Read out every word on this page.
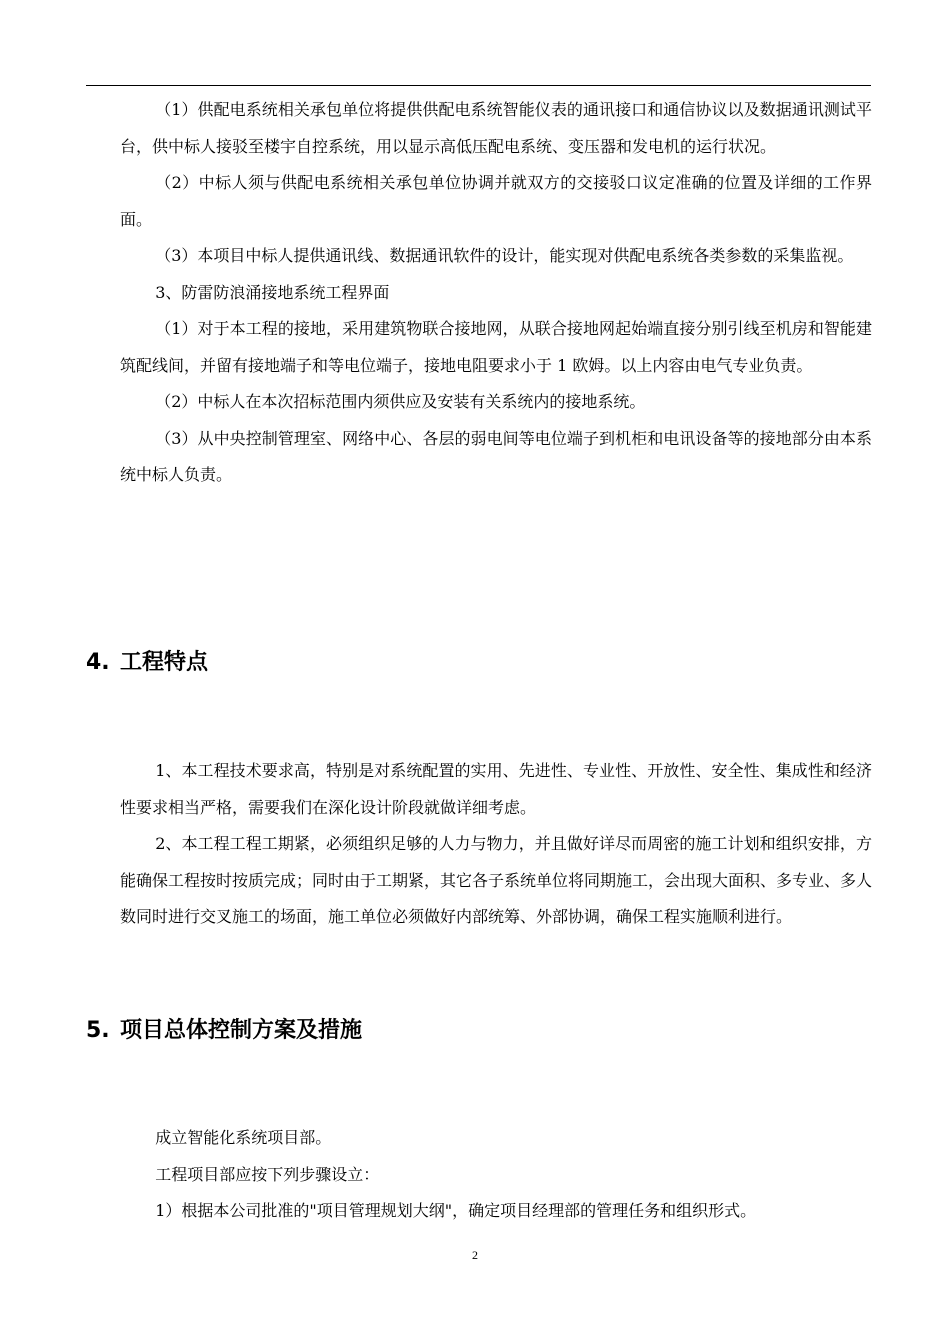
（1）供配电系统相关承包单位将提供供配电系统智能仪表的通讯接口和通信协议以及数据通讯测试平台，供中标人接驳至楼宇自控系统，用以显示高低压配电系统、变压器和发电机的运行状况。

（2）中标人须与供配电系统相关承包单位协调并就双方的交接驳口议定准确的位置及详细的工作界面。

（3）本项目中标人提供通讯线、数据通讯软件的设计，能实现对供配电系统各类参数的采集监视。

3、防雷防浪涌接地系统工程界面

（1）对于本工程的接地，采用建筑物联合接地网，从联合接地网起始端直接分别引线至机房和智能建筑配线间，并留有接地端子和等电位端子，接地电阻要求小于 1 欧姆。以上内容由电气专业负责。

（2）中标人在本次招标范围内须供应及安装有关系统内的接地系统。

（3）从中央控制管理室、网络中心、各层的弱电间等电位端子到机柜和电讯设备等的接地部分由本系统中标人负责。

4. 工程特点

1、本工程技术要求高，特别是对系统配置的实用、先进性、专业性、开放性、安全性、集成性和经济性要求相当严格，需要我们在深化设计阶段就做详细考虑。

2、本工程工程工期紧，必须组织足够的人力与物力，并且做好详尽而周密的施工计划和组织安排，方能确保工程按时按质完成；同时由于工期紧，其它各子系统单位将同期施工，会出现大面积、多专业、多人数同时进行交叉施工的场面，施工单位必须做好内部统筹、外部协调，确保工程实施顺利进行。

5. 项目总体控制方案及措施

成立智能化系统项目部。

工程项目部应按下列步骤设立：

1）根据本公司批准的"项目管理规划大纲"，确定项目经理部的管理任务和组织形式。

2
